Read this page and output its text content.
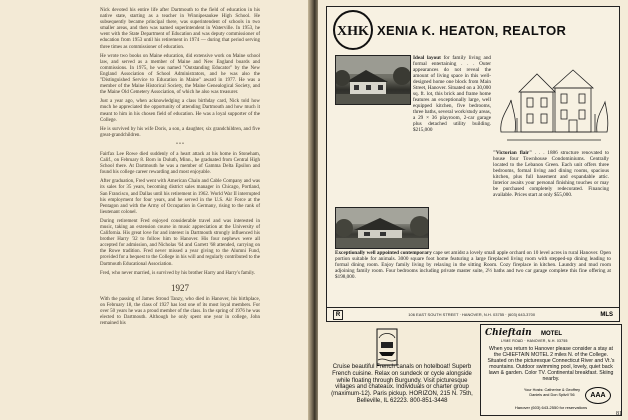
Nick devoted his entire life after Dartmouth to the field of education in his native state, starting as a teacher in Winnipesaukee High School. He subsequently became principal there, was superintendent of schools in two smaller areas, and then was named superintendent in Waterville. In 1953, he went with the State Department of Education and was deputy commissioner of education from 1953 until his retirement in 1974 — during that period serving three times as commissioner of education.

He wrote two books on Maine education, did extensive work on Maine school law, and served as a member of Maine and New England boards and commissions. In 1975, he was named "Outstanding Educator" by the New England Association of School Administrators, and he was also the "Distinguished Service to Education in Maine" award in 1977. He was a member of the Maine Historical Society, the Maine Genealogical Society, and the Maine Old Cemetery Association, of which he also was treasurer.

Just a year ago, when acknowledging a class birthday card, Nick told how much he appreciated the opportunity of attending Dartmouth and how much it meant to him in his chosen field of education. He was a loyal supporter of the College.

He is survived by his wife Doris, a son, a daughter, six grandchildren, and five great-grandchildren.

• • •

Fairfax Lee Rowe died suddenly of a heart attack at his home in Stoneham, Calif., on February 8. Born in Duluth, Minn., he graduated from Central High School there. At Dartmouth he was a member of Gamma Delta Epsilon and found his college career rewarding and most enjoyable.

After graduation, Fred went with American Chain and Cable Company and was its sales for 35 years, becoming district sales manager in Chicago, Portland, San Francisco, and Dallas until his retirement in 1962. World War II interrupted his employment for four years, and he served in the U.S. Air Force at the Pentagon and with the Army of Occupation in Germany, rising to the rank of lieutenant colonel.

During retirement Fred enjoyed considerable travel and was interested in music, taking an extension course in music appreciation at the University of California. His great love for and interest in Dartmouth strongly influenced his brother Harry '32 to follow him to Hanover. His four nephews were all accepted for admission, and Nicholas '64 and Garrett '68 attended, carrying on the Rowe tradition. Fred never missed a year giving to the Alumni Fund, provided for a bequest to the College in his will and regularly contributed to the Dartmouth Educational Association.

Fred, who never married, is survived by his brother Harry and Harry's family.

1927

With the passing of James Stroud Tanzy, who died in Hanover, his birthplace, on February 18, the class of 1927 has lost one of its most loyal members. For over 50 years he was a proud member of the class. In the spring of 1976 he was elected to Dartmouth. Although he only spent one year in college, John remained his

XHK XENIA K. HEATON, REALTOR

Ideal layout for family living and formal entertaining . . . Outer appearances do not reveal the amount of living space in this well-designed home one block from Main Street, Hanover. Situated on a 30,000 sq. ft. lot, this brick and frame home features an exceptionally large, well equipped kitchen, five bedrooms, three baths, several work/study areas, a 29 × 36 playroom, 2-car garage plus detached utility building. $215,000

"Victorian flair" . . . 1886 structure renovated to house four Townhouse Condominiums. Centrally located to the Lebanon Green. Each unit offers three bedrooms, formal living and dining rooms, spacious kitchen, plus full basement and expandable attic. Interior awaits your personal finishing touches or may be purchased completely redecorated. Financing available. Prices start at only $55,000.

Exceptionally well appointed contemporary cape set amidst a lovely small apple orchard on 10 level acres in rural Hanover. Open portion suitable for animals. 3000 square foot home featuring a large fireplaced living room with stepped-up dining leading to formal dining room. Enjoy family living by relaxing in the sitting Room. Cozy fireplace in kitchen. Laundry and mud room adjoining family room. Four bedrooms including private master suite, 2½ baths and two car garage complete this fine offering at $198,000.

R	106 EAST SOUTH STREET · HANOVER, N.H. 03755 · (603) 643-3700	MLS

Cruise beautiful French canals on hotelboat! Superb French cuisine. Relax on sundeck or cycle alongside while floating through Burgundy. Visit picturesque villages and chateaux. Individuals or charter group (maximum-12). Paris pickup. HORIZON, 215 N. 75th, Belleville, IL 62223. 800-851-3448

Chieftain MOTEL
LYME ROAD · HANOVER, N.H. 03755

When you return to Hanover please consider a stay at the CHIEFTAIN MOTEL 2 miles N. of the College. Situated on the picturesque Connecticut River and Vt.'s mountains. Outdoor swimming pool, lovely, quiet back lawn & garden. Color TV. Continental breakfast. Skiing nearby.

Your Hosts: Catherine & Geoffrey Daniels and Don Spitzli '56	AAA
Hanover (603) 643-2550 for reservations
81
